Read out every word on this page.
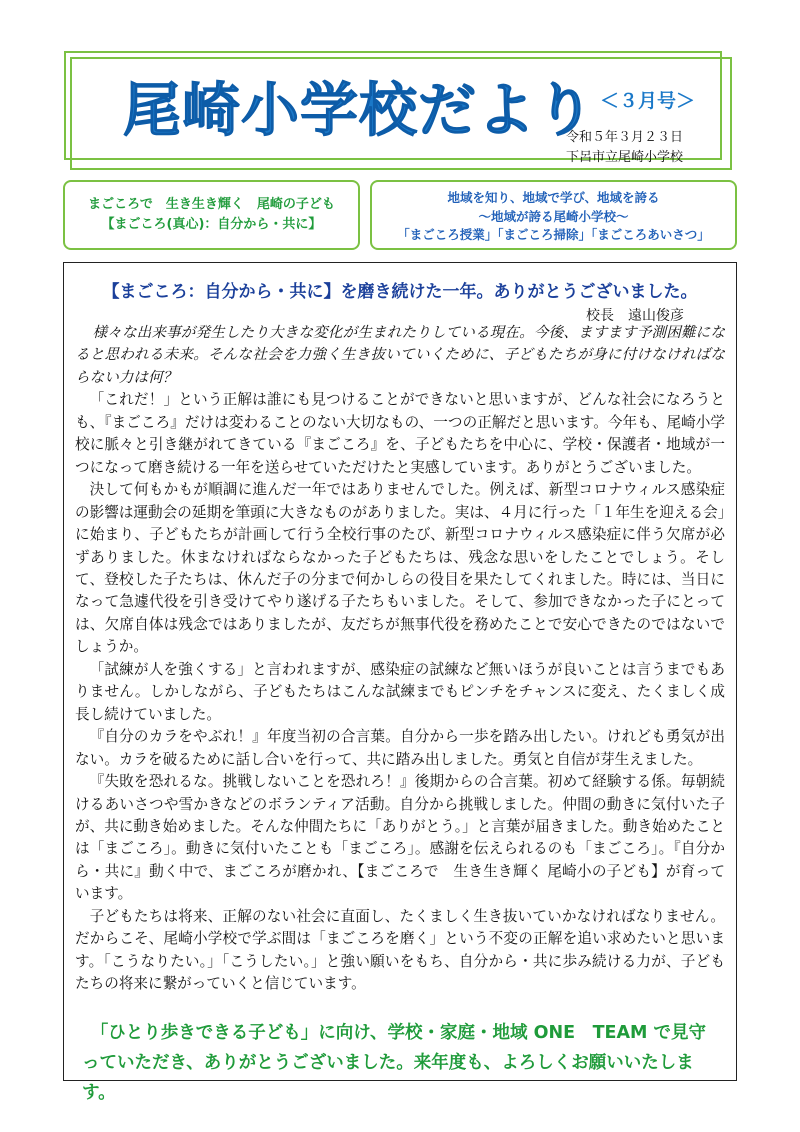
尾崎小学校だより ＜３月号＞
令和５年３月２３日
下呂市立尾崎小学校
まごころで　生き生き輝く　尾崎の子ども
【まごころ(真心)：自分から・共に】
地域を知り、地域で学び、地域を誇る
～地域が誇る尾崎小学校～
「まごころ授業」「まごころ掃除」「まごころあいさつ」
【まごころ：自分から・共に】を磨き続けた一年。ありがとうございました。
校長　遠山俊彦

様々な出来事が発生したり大きな変化が生まれたりしている現在。今後、ますます予測困難になると思われる未来。そんな社会を力強く生き抜いていくために、子どもたちが身に付けなければならない力は何？

「これだ！」という正解は誰にも見つけることができないと思いますが、どんな社会になろうとも、『まごころ』だけは変わることのない大切なもの、一つの正解だと思います。今年も、尾崎小学校に脈々と引き継がれてきている『まごころ』を、子どもたちを中心に、学校・保護者・地域が一つになって磨き続ける一年を送らせていただけたと実感しています。ありがとうございました。

決して何もかもが順調に進んだ一年ではありませんでした。例えば、新型コロナウィルス感染症の影響は運動会の延期を筆頭に大きなものがありました。実は、４月に行った「１年生を迎える会」に始まり、子どもたちが計画して行う全校行事のたび、新型コロナウィルス感染症に伴う欠席が必ずありました。休まなければならなかった子どもたちは、残念な思いをしたことでしょう。そして、登校した子たちは、休んだ子の分まで何かしらの役目を果たしてくれました。時には、当日になって急遽代役を引き受けてやり遂げる子たちもいました。そして、参加できなかった子にとっては、欠席自体は残念ではありましたが、友だちが無事代役を務めたことで安心できたのではないでしょうか。

「試練が人を強くする」と言われますが、感染症の試練など無いほうが良いことは言うまでもありません。しかしながら、子どもたちはこんな試練までもピンチをチャンスに変え、たくましく成長し続けていました。

『自分のカラをやぶれ！』年度当初の合言葉。自分から一歩を踏み出したい。けれども勇気が出ない。カラを破るために話し合いを行って、共に踏み出しました。勇気と自信が芽生えました。

『失敗を恐れるな。挑戦しないことを恐れろ！』後期からの合言葉。初めて経験する係。毎朝続けるあいさつや雪かきなどのボランティア活動。自分から挑戦しました。仲間の動きに気付いた子が、共に動き始めました。そんな仲間たちに「ありがとう。」と言葉が届きました。動き始めたことは「まごころ」。動きに気付いたことも「まごころ」。感謝を伝えられるのも「まごころ」。『自分から・共に』動く中で、まごころが磨かれ、【まごころで　生き生き輝く 尾崎小の子ども】が育っています。

子どもたちは将来、正解のない社会に直面し、たくましく生き抜いていかなければなりません。だからこそ、尾崎小学校で学ぶ間は「まごころを磨く」という不変の正解を追い求めたいと思います。「こうなりたい。」「こうしたい。」と強い願いをもち、自分から・共に歩み続ける力が、子どもたちの将来に繋がっていくと信じています。

「ひとり歩きできる子ども」に向け、学校・家庭・地域 ONE　TEAM で見守っていただき、ありがとうございました。来年度も、よろしくお願いいたします。
